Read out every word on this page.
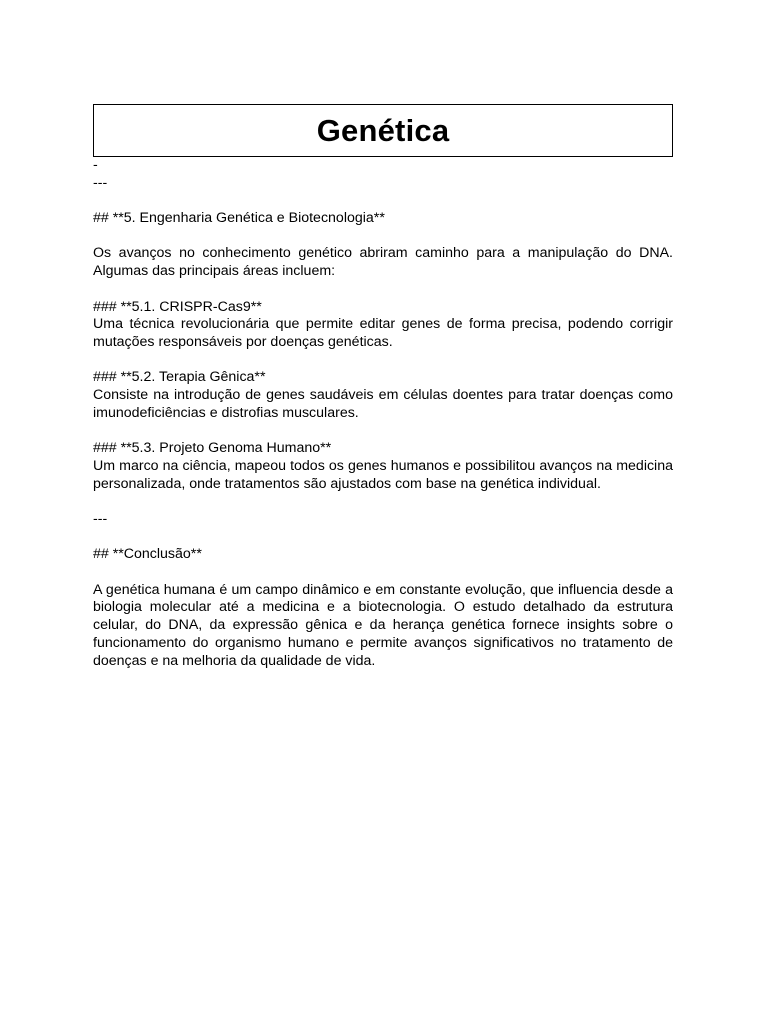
Genética

-

---

## **5. Engenharia Genética e Biotecnologia**

Os avanços no conhecimento genético abriram caminho para a manipulação do DNA. Algumas das principais áreas incluem:

### **5.1. CRISPR-Cas9**

Uma técnica revolucionária que permite editar genes de forma precisa, podendo corrigir mutações responsáveis por doenças genéticas.

### **5.2. Terapia Gênica**

Consiste na introdução de genes saudáveis em células doentes para tratar doenças como imunodeficiências e distrofias musculares.

### **5.3. Projeto Genoma Humano**

Um marco na ciência, mapeou todos os genes humanos e possibilitou avanços na medicina personalizada, onde tratamentos são ajustados com base na genética individual.

---

## **Conclusão**

A genética humana é um campo dinâmico e em constante evolução, que influencia desde a biologia molecular até a medicina e a biotecnologia. O estudo detalhado da estrutura celular, do DNA, da expressão gênica e da herança genética fornece insights sobre o funcionamento do organismo humano e permite avanços significativos no tratamento de doenças e na melhoria da qualidade de vida.
